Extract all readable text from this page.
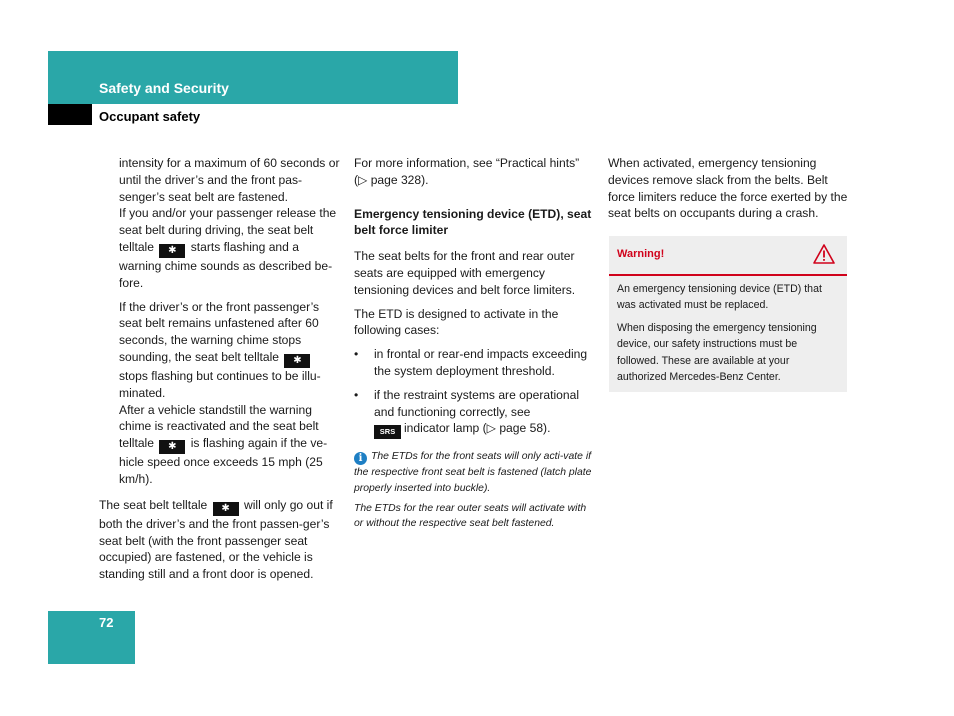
Safety and Security
Occupant safety

intensity for a maximum of 60 seconds or until the driver’s and the front pas-senger’s seat belt are fastened.

If you and/or your passenger release the seat belt during driving, the seat belt telltale ✱ starts flashing and a warning chime sounds as described be-fore.

If the driver’s or the front passenger’s seat belt remains unfastened after 60 seconds, the warning chime stops sounding, the seat belt telltale ✱ stops flashing but continues to be illu-minated.

After a vehicle standstill the warning chime is reactivated and the seat belt telltale ✱ is flashing again if the ve-hicle speed once exceeds 15 mph (25 km/h).

The seat belt telltale ✱ will only go out if both the driver’s and the front passen-ger’s seat belt (with the front passenger seat occupied) are fastened, or the vehicle is standing still and a front door is opened.

For more information, see “Practical hints” (▷ page 328).

Emergency tensioning device (ETD), seat belt force limiter

The seat belts for the front and rear outer seats are equipped with emergency tensioning devices and belt force limiters.

The ETD is designed to activate in the following cases:

• in frontal or rear-end impacts exceeding the system deployment threshold.
• if the restraint systems are operational and functioning correctly, see
SRS indicator lamp (▷ page 58).

i The ETDs for the front seats will only acti-vate if the respective front seat belt is fastened (latch plate properly inserted into buckle).

The ETDs for the rear outer seats will activate with or without the respective seat belt fastened.

When activated, emergency tensioning devices remove slack from the belts. Belt force limiters reduce the force exerted by the seat belts on occupants during a crash.

Warning!

An emergency tensioning device (ETD) that was activated must be replaced.

When disposing the emergency tensioning device, our safety instructions must be followed. These are available at your authorized Mercedes-Benz Center.

72
